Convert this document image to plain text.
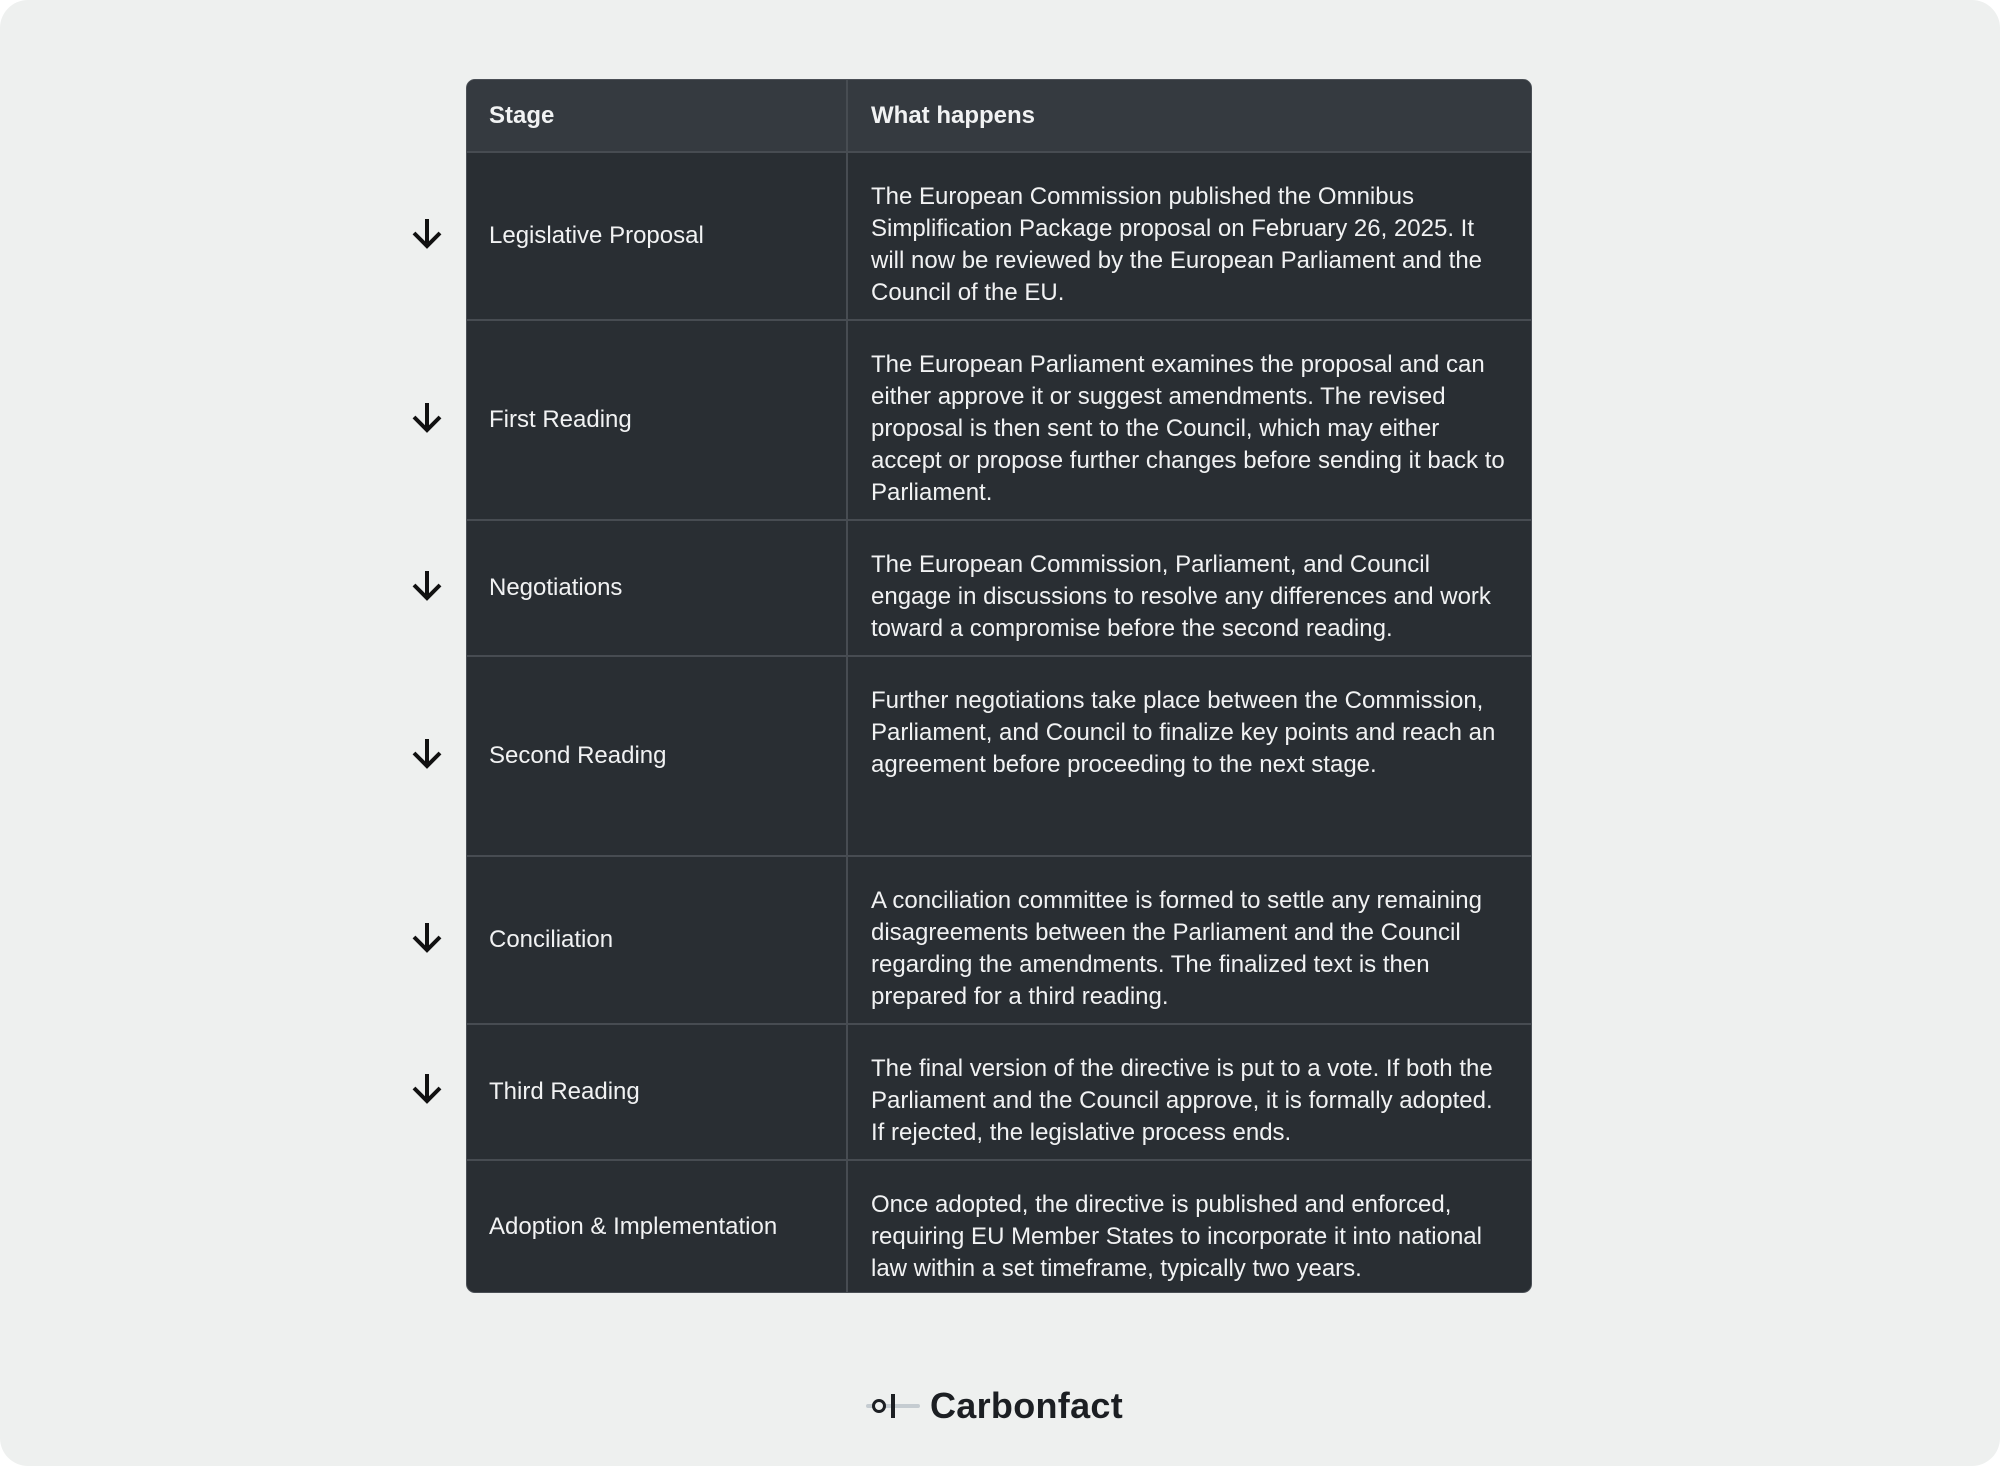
Stage	What happens
Legislative Proposal
The European Commission published the Omnibus Simplification Package proposal on February 26, 2025. It will now be reviewed by the European Parliament and the Council of the EU.
First Reading
The European Parliament examines the proposal and can either approve it or suggest amendments. The revised proposal is then sent to the Council, which may either accept or propose further changes before sending it back to Parliament.
Negotiations
The European Commission, Parliament, and Council engage in discussions to resolve any differences and work toward a compromise before the second reading.
Second Reading
Further negotiations take place between the Commission, Parliament, and Council to finalize key points and reach an agreement before proceeding to the next stage.
Conciliation
A conciliation committee is formed to settle any remaining disagreements between the Parliament and the Council regarding the amendments. The finalized text is then prepared for a third reading.
Third Reading
The final version of the directive is put to a vote. If both the Parliament and the Council approve, it is formally adopted. If rejected, the legislative process ends.
Adoption & Implementation
Once adopted, the directive is published and enforced, requiring EU Member States to incorporate it into national law within a set timeframe, typically two years.
Carbonfact
